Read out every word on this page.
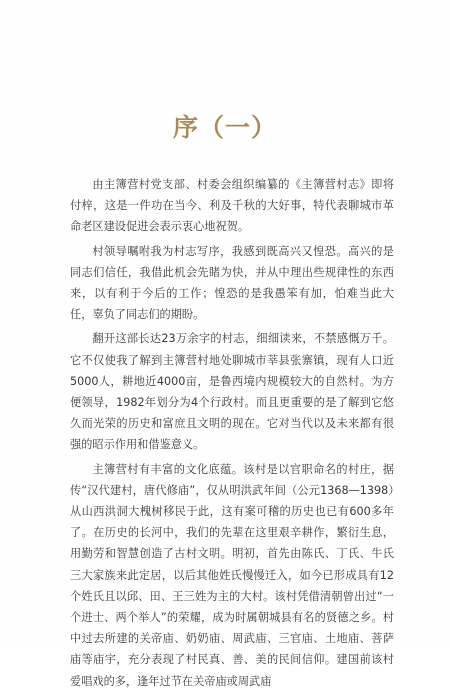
序（一）

由主簿营村党支部、村委会组织编纂的《主簿营村志》即将付梓，这是一件功在当今、利及千秋的大好事，特代表聊城市革命老区建设促进会表示衷心地祝贺。

村领导嘱咐我为村志写序，我感到既高兴又惶恐。高兴的是同志们信任，我借此机会先睹为快，并从中理出些规律性的东西来，以有利于今后的工作；惶恐的是我愚笨有加，怕难当此大任，辜负了同志们的期盼。

翻开这部长达23万余字的村志，细细读来，不禁感慨万千。它不仅使我了解到主簿营村地处聊城市莘县张寨镇，现有人口近5000人，耕地近4000亩，是鲁西境内规模较大的自然村。为方便领导，1982年划分为4个行政村。而且更重要的是了解到它悠久而光荣的历史和富庶且文明的现在。它对当代以及未来都有很强的昭示作用和借鉴意义。

主簿营村有丰富的文化底蕴。该村是以官职命名的村庄，据传“汉代建村，唐代修庙”，仅从明洪武年间（公元1368—1398）从山西洪洞大槐树移民于此，这有案可稽的历史也已有600多年了。在历史的长河中，我们的先辈在这里艰辛耕作，繁衍生息，用勤劳和智慧创造了古村文明。明初，首先由陈氏、丁氏、牛氏三大家族来此定居，以后其他姓氏慢慢迁入，如今已形成具有12个姓氏且以邱、田、王三姓为主的大村。该村凭借清朝曾出过“一个进士、两个举人”的荣耀，成为时属朝城县有名的贤德之乡。村中过去所建的关帝庙、奶奶庙、周武庙、三官庙、土地庙、菩萨庙等庙宇，充分表现了村民真、善、美的民间信仰。建国前该村爱唱戏的多，逢年过节在关帝庙或周武庙
